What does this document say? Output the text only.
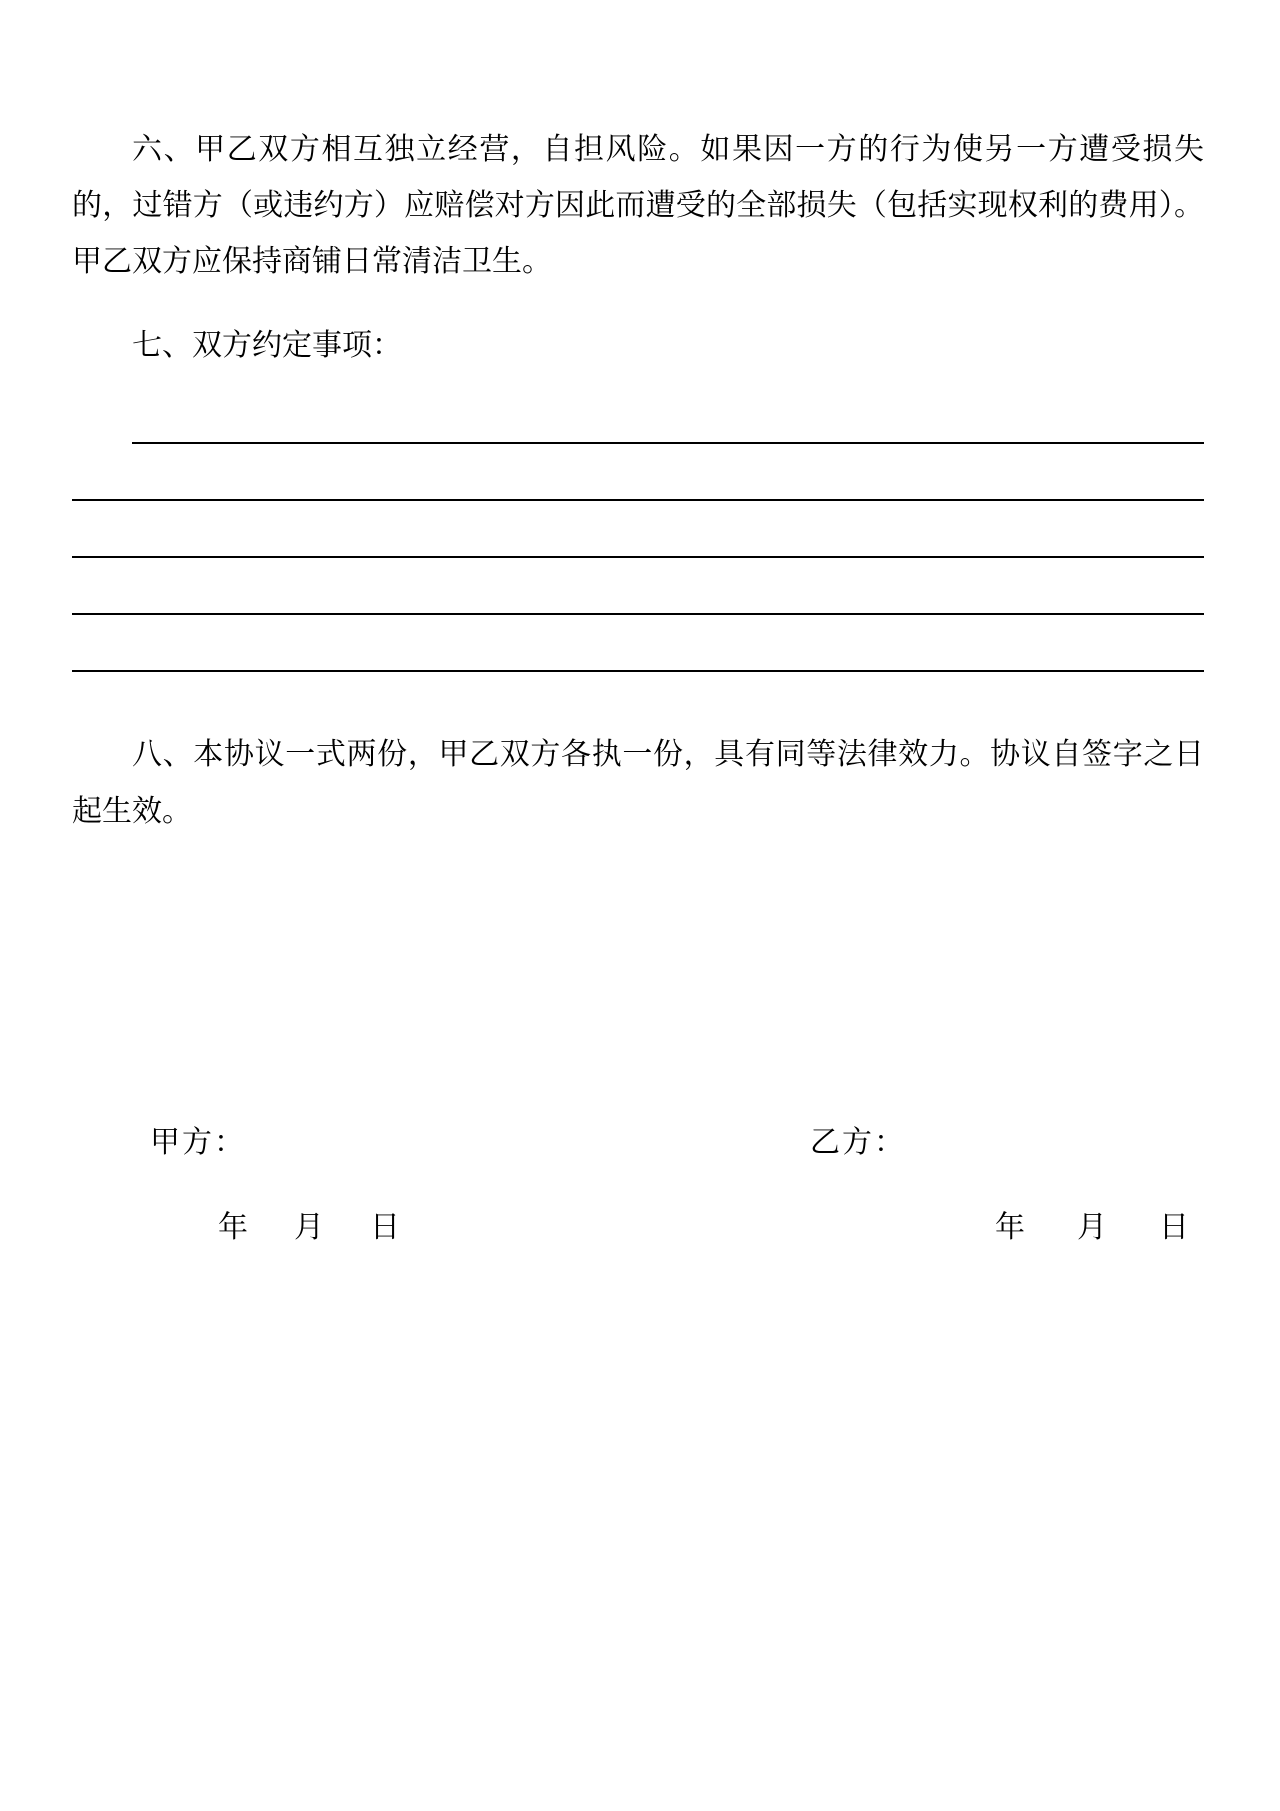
六、甲乙双方相互独立经营，自担风险。如果因一方的行为使另一方遭受损失的，过错方（或违约方）应赔偿对方因此而遭受的全部损失（包括实现权利的费用）。甲乙双方应保持商铺日常清洁卫生。

七、双方约定事项：

八、本协议一式两份，甲乙双方各执一份，具有同等法律效力。协议自签字之日起生效。

甲方：	乙方：
年 月 日	年 月 日
